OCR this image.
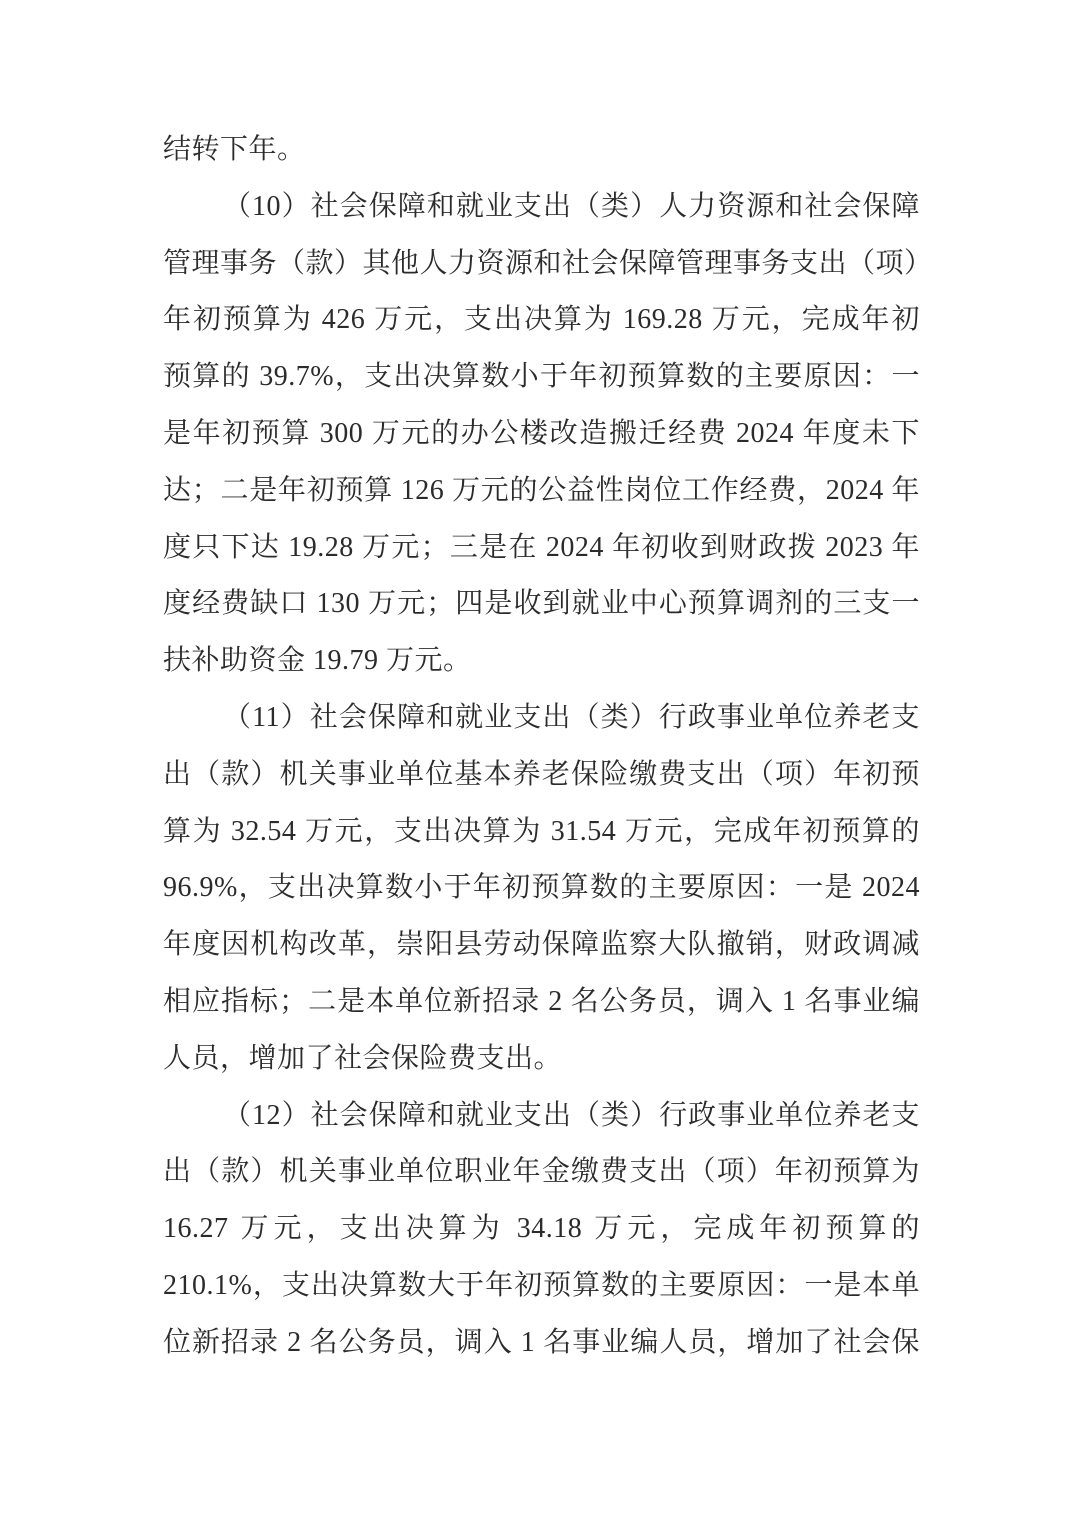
结转下年。
（10）社会保障和就业支出（类）人力资源和社会保障
管理事务（款）其他人力资源和社会保障管理事务支出（项）
年初预算为 426 万元，支出决算为 169.28 万元，完成年初
预算的 39.7%，支出决算数小于年初预算数的主要原因：一
是年初预算 300 万元的办公楼改造搬迁经费 2024 年度未下
达；二是年初预算 126 万元的公益性岗位工作经费，2024 年
度只下达 19.28 万元；三是在 2024 年初收到财政拨 2023 年
度经费缺口 130 万元；四是收到就业中心预算调剂的三支一
扶补助资金 19.79 万元。
（11）社会保障和就业支出（类）行政事业单位养老支
出（款）机关事业单位基本养老保险缴费支出（项）年初预
算为 32.54 万元，支出决算为 31.54 万元，完成年初预算的
96.9%，支出决算数小于年初预算数的主要原因：一是 2024
年度因机构改革，崇阳县劳动保障监察大队撤销，财政调减
相应指标；二是本单位新招录 2 名公务员，调入 1 名事业编
人员，增加了社会保险费支出。
（12）社会保障和就业支出（类）行政事业单位养老支
出（款）机关事业单位职业年金缴费支出（项）年初预算为
16.27 万元，支出决算为 34.18 万元，完成年初预算的
210.1%，支出决算数大于年初预算数的主要原因：一是本单
位新招录 2 名公务员，调入 1 名事业编人员，增加了社会保
